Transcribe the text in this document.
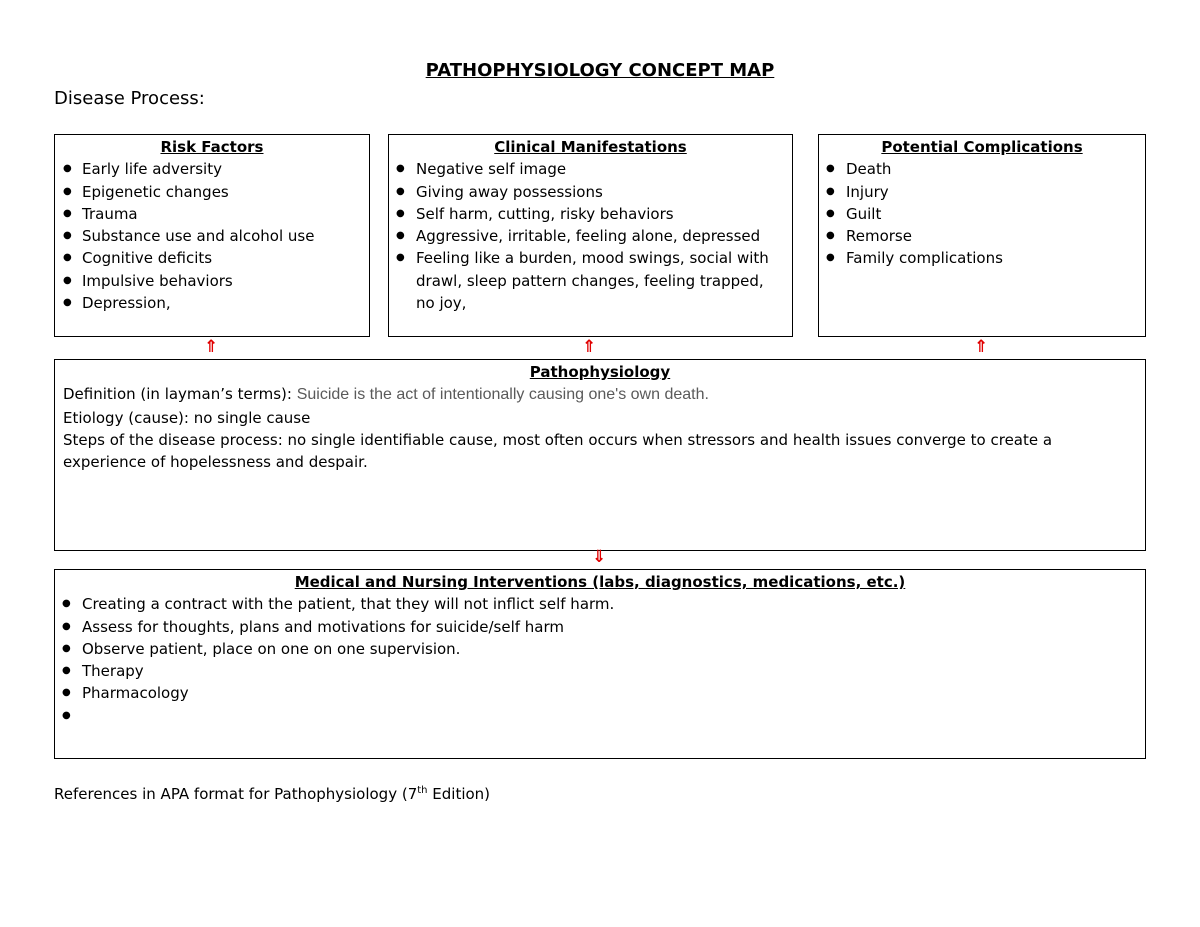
PATHOPHYSIOLOGY CONCEPT MAP
Disease Process:
Risk Factors
● Early life adversity
● Epigenetic changes
● Trauma
● Substance use and alcohol use
● Cognitive deficits
● Impulsive behaviors
● Depression,
Clinical Manifestations
● Negative self image
● Giving away possessions
● Self harm, cutting, risky behaviors
● Aggressive, irritable, feeling alone, depressed
● Feeling like a burden, mood swings, social with drawl, sleep pattern changes, feeling trapped, no joy,
Potential Complications
● Death
● Injury
● Guilt
● Remorse
● Family complications
⇑	⇑	⇑
Pathophysiology
Definition (in layman’s terms): Suicide is the act of intentionally causing one's own death.
Etiology (cause): no single cause
Steps of the disease process: no single identifiable cause, most often occurs when stressors and health issues converge to create a experience of hopelessness and despair.
⇓
Medical and Nursing Interventions (labs, diagnostics, medications, etc.)
● Creating a contract with the patient, that they will not inflict self harm.
● Assess for thoughts, plans and motivations for suicide/self harm
● Observe patient, place on one on one supervision.
● Therapy
● Pharmacology
●
References in APA format for Pathophysiology (7th Edition)
